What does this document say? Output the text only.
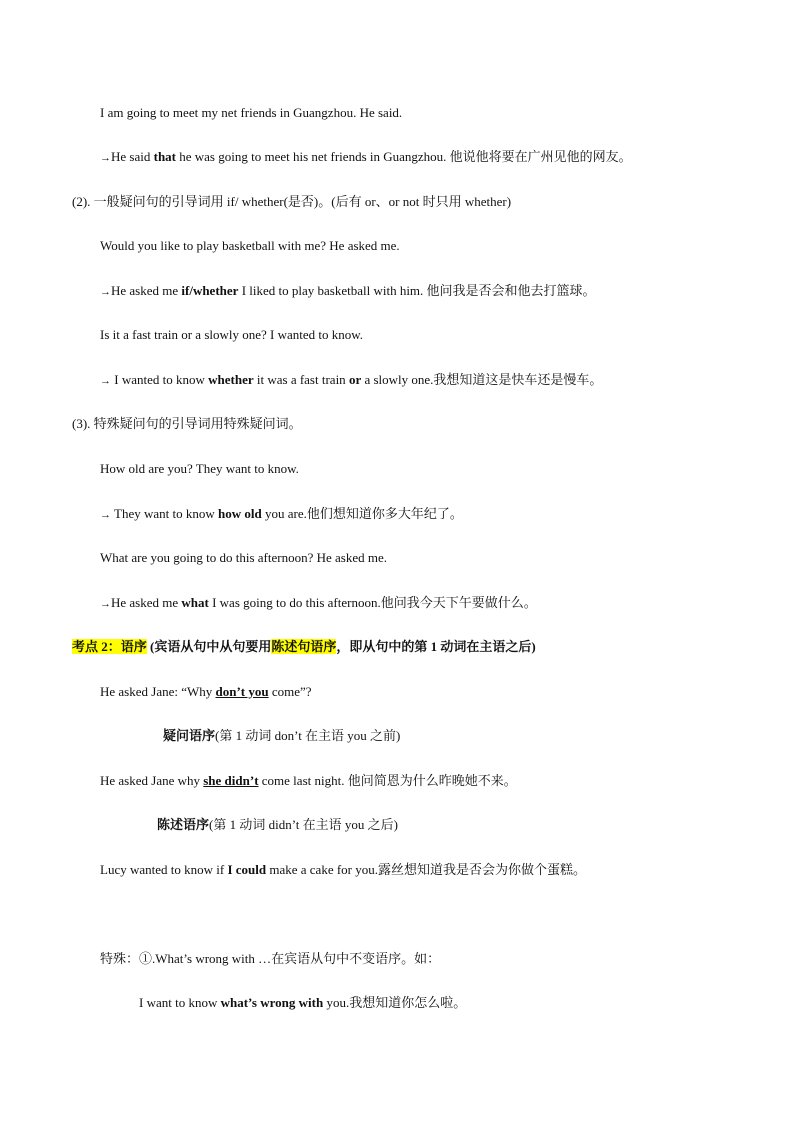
I am going to meet my net friends in Guangzhou. He said.
→He said that he was going to meet his net friends in Guangzhou. 他说他将要在广州见他的网友。
(2). 一般疑问句的引导词用 if/ whether(是否)。(后有 or、or not 时只用 whether)
Would you like to play basketball with me? He asked me.
→He asked me if/whether I liked to play basketball with him. 他问我是否会和他去打篮球。
Is it a fast train or a slowly one? I wanted to know.
→ I wanted to know whether it was a fast train or a slowly one.我想知道这是快车还是慢车。
(3). 特殊疑问句的引导词用特殊疑问词。
How old are you? They want to know.
→ They want to know how old you are.他们想知道你多大年纪了。
What are you going to do this afternoon? He asked me.
→He asked me what I was going to do this afternoon.他问我今天下午要做什么。
考点 2：语序 (宾语从句中从句要用陈述句语序，即从句中的第 1 动词在主语之后)
He asked Jane: “Why don’t you come”?
疑问语序(第 1 动词 don’t 在主语 you 之前)
He asked Jane why she didn’t come last night. 他问简恩为什么昨晚她不来。
陈述语序(第 1 动词 didn’t 在主语 you 之后)
Lucy wanted to know if I could make a cake for you.露丝想知道我是否会为你做个蛋糕。
特殊：①.What’s wrong with …在宾语从句中不变语序。如：
I want to know what’s wrong with you.我想知道你怎么啦。
